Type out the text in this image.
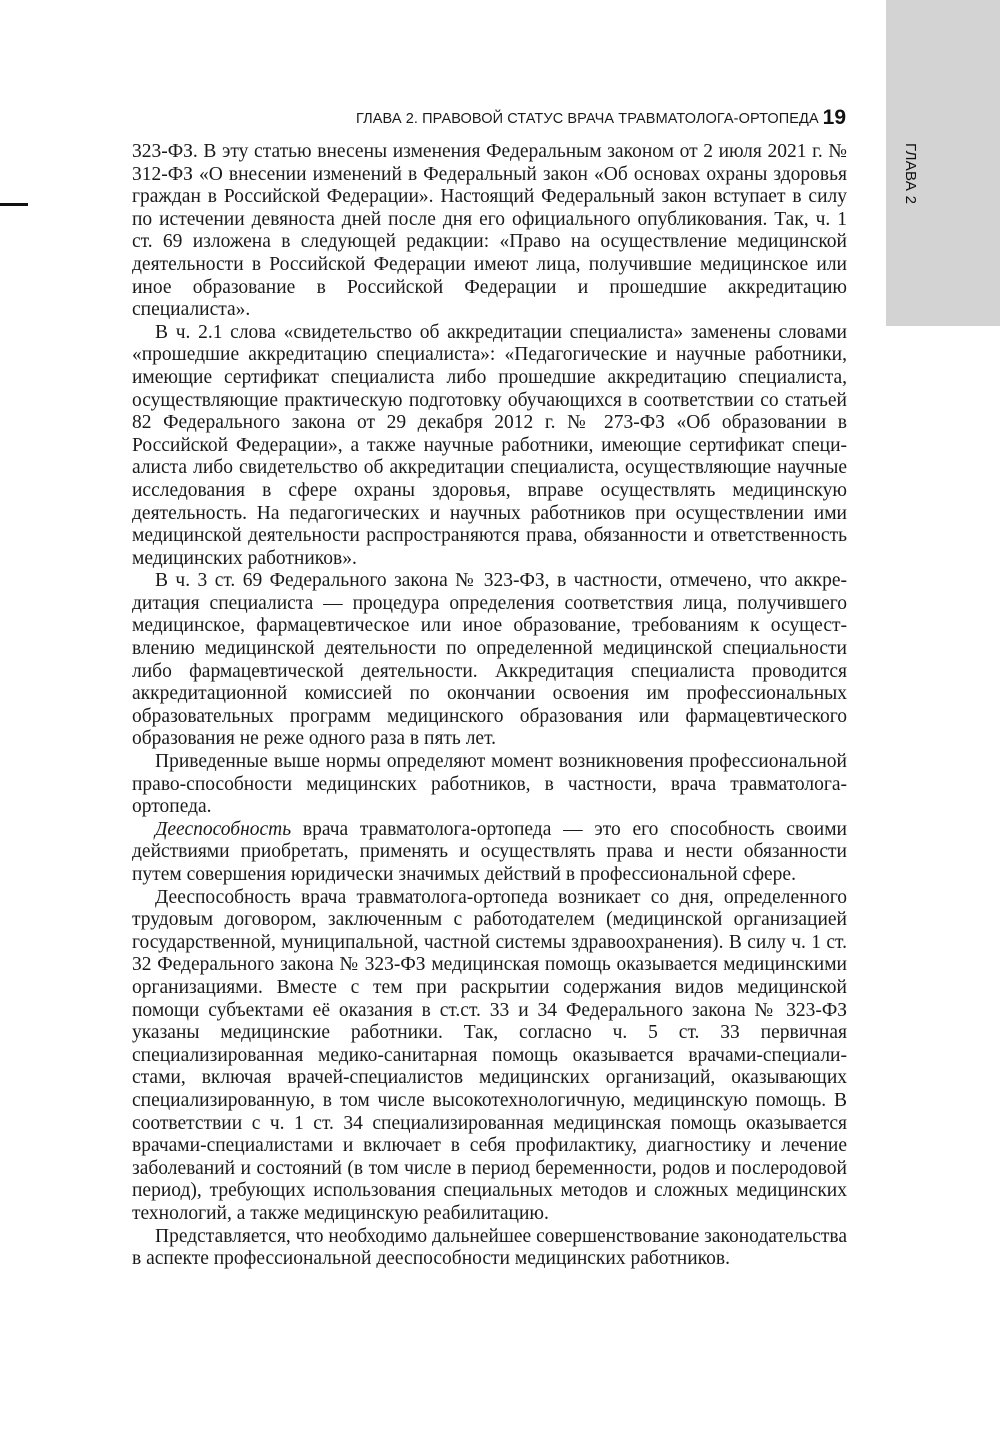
ГЛАВА 2
ГЛАВА 2. ПРАВОВОЙ СТАТУС ВРАЧА ТРАВМАТОЛОГА-ОРТОПЕДА 19

323-ФЗ. В эту статью внесены изменения Федеральным законом от 2 июля 2021 г. № 312-ФЗ «О внесении изменений в Федеральный закон «Об основах охраны здоровья граждан в Российской Федерации». Настоящий Федеральный закон вступает в силу по истечении девяноста дней после дня его официального опубликования. Так, ч. 1 ст. 69 изложена в следующей редакции: «Право на осуществление медицинской деятельности в Российской Федерации имеют лица, получившие медицинское или иное образование в Российской Федерации и прошедшие аккредитацию специалиста».

В ч. 2.1 слова «свидетельство об аккредитации специалиста» заменены словами «прошедшие аккредитацию специалиста»: «Педагогические и научные работники, имеющие сертификат специалиста либо прошедшие аккредитацию специалиста, осуществляющие практическую подготовку обучающихся в соответствии со статьей 82 Федерального закона от 29 декабря 2012 г. № 273-ФЗ «Об образовании в Российской Федерации», а также научные работники, имеющие сертификат специалиста либо свидетельство об аккредитации специалиста, осуществляющие научные исследования в сфере охраны здоровья, вправе осуществлять медицинскую деятельность. На педагогических и научных работников при осуществлении ими медицинской деятельности распространяются права, обязанности и ответственность медицинских работников».

В ч. 3 ст. 69 Федерального закона № 323-ФЗ, в частности, отмечено, что аккредитация специалиста — процедура определения соответствия лица, получившего медицинское, фармацевтическое или иное образование, требованиям к осуществлению медицинской деятельности по определенной медицинской специальности либо фармацевтической деятельности. Аккредитация специалиста проводится аккредитационной комиссией по окончании освоения им профессиональных образовательных программ медицинского образования или фармацевтического образования не реже одного раза в пять лет.

Приведенные выше нормы определяют момент возникновения профессиональной право-способности медицинских работников, в частности, врача травматолога-ортопеда.

Дееспособность врача травматолога-ортопеда — это его способность своими действиями приобретать, применять и осуществлять права и нести обязанности путем совершения юридически значимых действий в профессиональной сфере.

Дееспособность врача травматолога-ортопеда возникает со дня, определенного трудовым договором, заключенным с работодателем (медицинской организацией государственной, муниципальной, частной системы здравоохранения). В силу ч. 1 ст. 32 Федерального закона № 323-ФЗ медицинская помощь оказывается медицинскими организациями. Вместе с тем при раскрытии содержания видов медицинской помощи субъектами её оказания в ст.ст. 33 и 34 Федерального закона № 323-ФЗ указаны медицинские работники. Так, согласно ч. 5 ст. 33 первичная специализированная медико-санитарная помощь оказывается врачами-специалистами, включая врачей-специалистов медицинских организаций, оказывающих специализированную, в том числе высокотехнологичную, медицинскую помощь. В соответствии с ч. 1 ст. 34 специализированная медицинская помощь оказывается врачами-специалистами и включает в себя профилактику, диагностику и лечение заболеваний и состояний (в том числе в период беременности, родов и послеродовой период), требующих использования специальных методов и сложных медицинских технологий, а также медицинскую реабилитацию.

Представляется, что необходимо дальнейшее совершенствование законодательства в аспекте профессиональной дееспособности медицинских работников.
